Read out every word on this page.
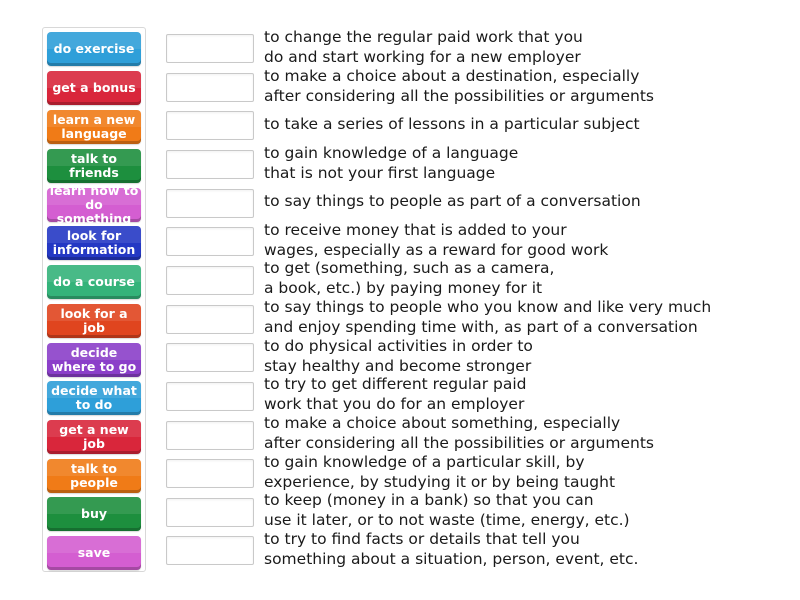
do exercise
get a bonus
learn a new language
talk to friends
learn how to do something
look for information
do a course
look for a job
decide where to go
decide what to do
get a new job
talk to people
buy
save
to change the regular paid work that you
do and start working for a new employer
to make a choice about a destination, especially
after considering all the possibilities or arguments
to take a series of lessons in a particular subject
to gain knowledge of a language
that is not your first language
to say things to people as part of a conversation
to receive money that is added to your
wages, especially as a reward for good work
to get (something, such as a camera,
a book, etc.) by paying money for it
to say things to people who you know and like very much
and enjoy spending time with, as part of a conversation
to do physical activities in order to
stay healthy and become stronger
to try to get different regular paid
work that you do for an employer
to make a choice about something, especially
after considering all the possibilities or arguments
to gain knowledge of a particular skill, by
experience, by studying it or by being taught
to keep (money in a bank) so that you can
use it later, or to not waste (time, energy, etc.)
to try to find facts or details that tell you
something about a situation, person, event, etc.
